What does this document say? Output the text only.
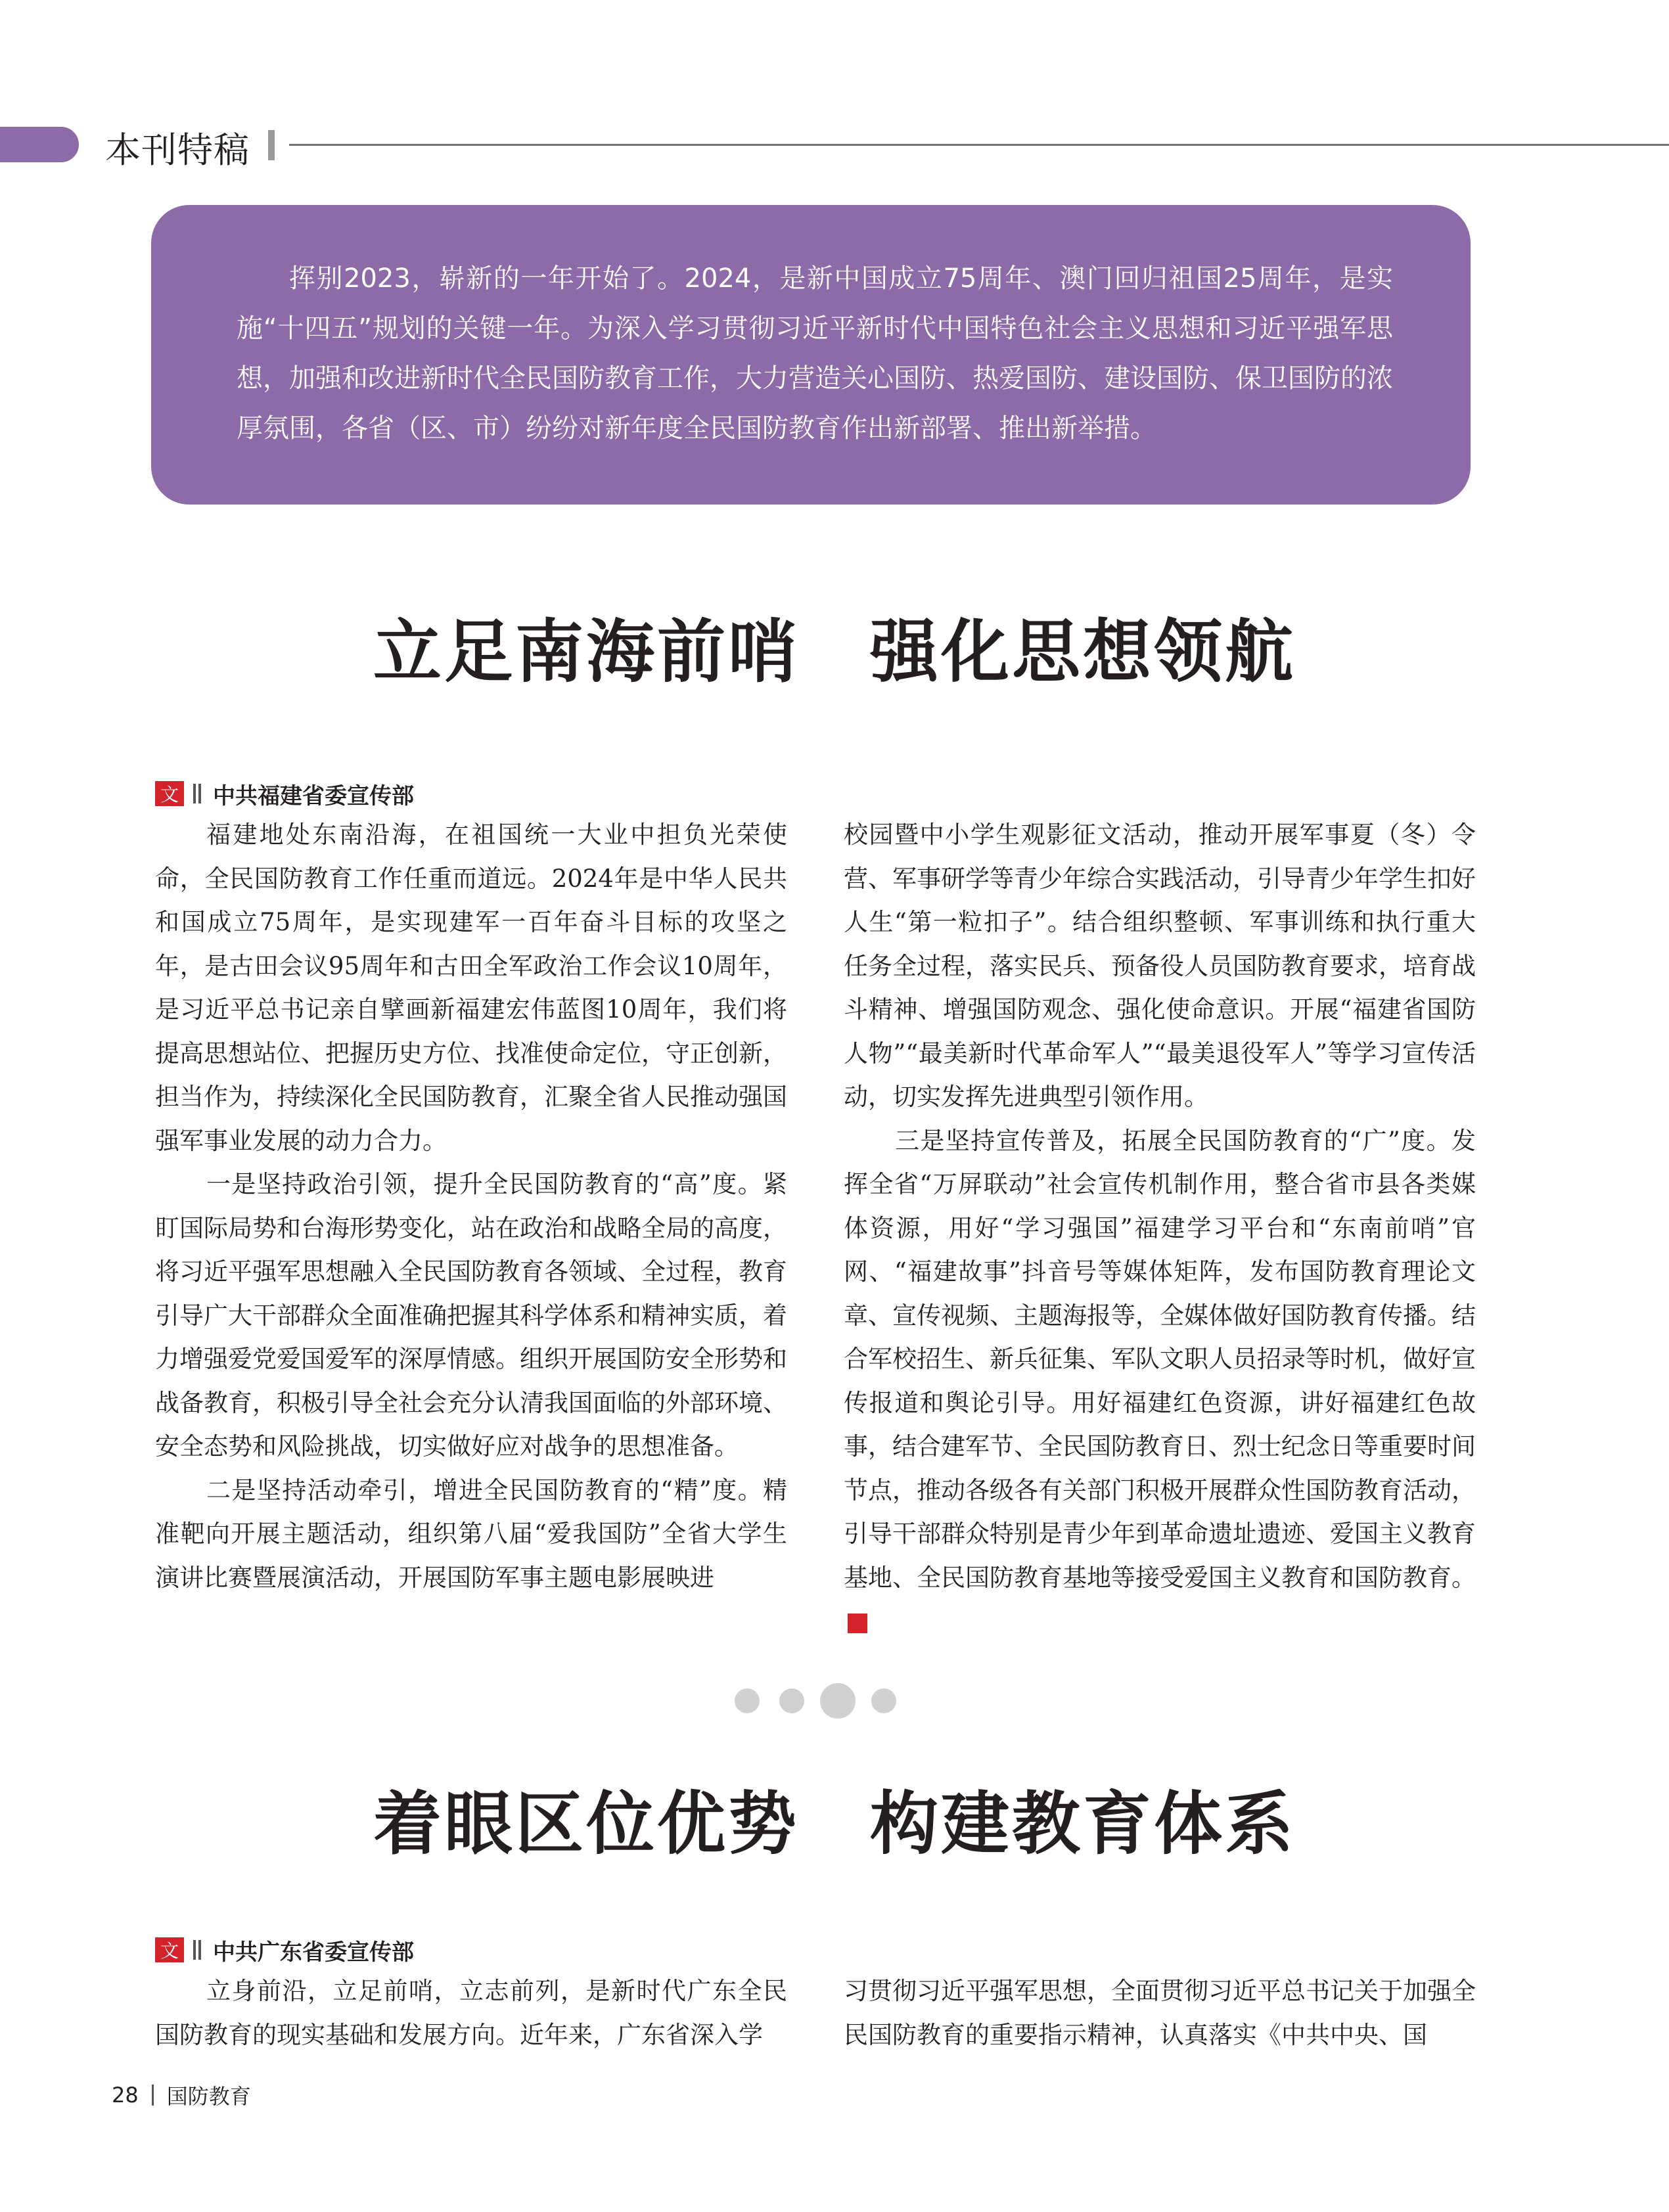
本刊特稿
挥别2023，崭新的一年开始了。2024，是新中国成立75周年、澳门回归祖国25周年，是实施“十四五”规划的关键一年。为深入学习贯彻习近平新时代中国特色社会主义思想和习近平强军思想，加强和改进新时代全民国防教育工作，大力营造关心国防、热爱国防、建设国防、保卫国防的浓厚氛围，各省（区、市）纷纷对新年度全民国防教育作出新部署、推出新举措。
立足南海前哨　强化思想领航
文 中共福建省委宣传部

福建地处东南沿海，在祖国统一大业中担负光荣使命，全民国防教育工作任重而道远。2024年是中华人民共和国成立75周年，是实现建军一百年奋斗目标的攻坚之年，是古田会议95周年和古田全军政治工作会议10周年，是习近平总书记亲自擘画新福建宏伟蓝图10周年，我们将提高思想站位、把握历史方位、找准使命定位，守正创新，担当作为，持续深化全民国防教育，汇聚全省人民推动强国强军事业发展的动力合力。

一是坚持政治引领，提升全民国防教育的“高”度。紧盯国际局势和台海形势变化，站在政治和战略全局的高度，将习近平强军思想融入全民国防教育各领域、全过程，教育引导广大干部群众全面准确把握其科学体系和精神实质，着力增强爱党爱国爱军的深厚情感。组织开展国防安全形势和战备教育，积极引导全社会充分认清我国面临的外部环境、安全态势和风险挑战，切实做好应对战争的思想准备。

二是坚持活动牵引，增进全民国防教育的“精”度。精准靶向开展主题活动，组织第八届“爱我国防”全省大学生演讲比赛暨展演活动，开展国防军事主题电影展映进

校园暨中小学生观影征文活动，推动开展军事夏（冬）令营、军事研学等青少年综合实践活动，引导青少年学生扣好人生“第一粒扣子”。结合组织整顿、军事训练和执行重大任务全过程，落实民兵、预备役人员国防教育要求，培育战斗精神、增强国防观念、强化使命意识。开展“福建省国防人物”“最美新时代革命军人”“最美退役军人”等学习宣传活动，切实发挥先进典型引领作用。

三是坚持宣传普及，拓展全民国防教育的“广”度。发挥全省“万屏联动”社会宣传机制作用，整合省市县各类媒体资源，用好“学习强国”福建学习平台和“东南前哨”官网、“福建故事”抖音号等媒体矩阵，发布国防教育理论文章、宣传视频、主题海报等，全媒体做好国防教育传播。结合军校招生、新兵征集、军队文职人员招录等时机，做好宣传报道和舆论引导。用好福建红色资源，讲好福建红色故事，结合建军节、全民国防教育日、烈士纪念日等重要时间节点，推动各级各有关部门积极开展群众性国防教育活动，引导干部群众特别是青少年到革命遗址遗迹、爱国主义教育基地、全民国防教育基地等接受爱国主义教育和国防教育。G

着眼区位优势　构建教育体系
文 中共广东省委宣传部

立身前沿，立足前哨，立志前列，是新时代广东全民国防教育的现实基础和发展方向。近年来，广东省深入学

习贯彻习近平强军思想，全面贯彻习近平总书记关于加强全民国防教育的重要指示精神，认真落实《中共中央、国

28 国防教育
